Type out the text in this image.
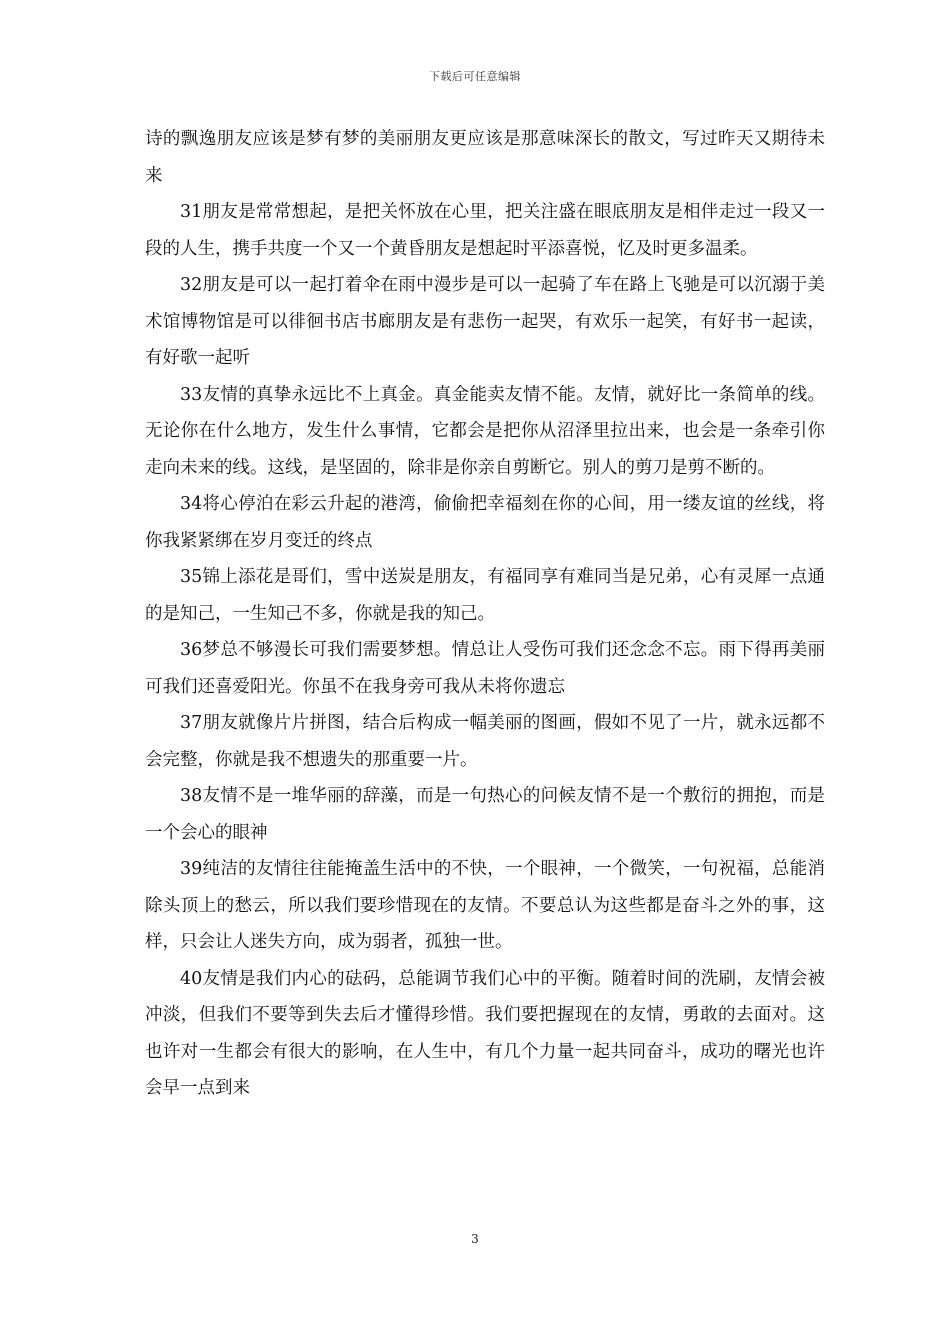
下载后可任意编辑

诗的飘逸朋友应该是梦有梦的美丽朋友更应该是那意味深长的散文，写过昨天又期待未来

31朋友是常常想起，是把关怀放在心里，把关注盛在眼底朋友是相伴走过一段又一段的人生，携手共度一个又一个黄昏朋友是想起时平添喜悦，忆及时更多温柔。

32朋友是可以一起打着伞在雨中漫步是可以一起骑了车在路上飞驰是可以沉溺于美术馆博物馆是可以徘徊书店书廊朋友是有悲伤一起哭，有欢乐一起笑，有好书一起读，有好歌一起听

33友情的真挚永远比不上真金。真金能卖友情不能。友情，就好比一条简单的线。无论你在什么地方，发生什么事情，它都会是把你从沼泽里拉出来，也会是一条牵引你走向未来的线。这线，是坚固的，除非是你亲自剪断它。别人的剪刀是剪不断的。

34将心停泊在彩云升起的港湾，偷偷把幸福刻在你的心间，用一缕友谊的丝线，将你我紧紧绑在岁月变迁的终点

35锦上添花是哥们，雪中送炭是朋友，有福同享有难同当是兄弟，心有灵犀一点通的是知己，一生知己不多，你就是我的知己。

36梦总不够漫长可我们需要梦想。情总让人受伤可我们还念念不忘。雨下得再美丽可我们还喜爱阳光。你虽不在我身旁可我从未将你遗忘

37朋友就像片片拼图，结合后构成一幅美丽的图画，假如不见了一片，就永远都不会完整，你就是我不想遗失的那重要一片。

38友情不是一堆华丽的辞藻，而是一句热心的问候友情不是一个敷衍的拥抱，而是一个会心的眼神

39纯洁的友情往往能掩盖生活中的不快，一个眼神，一个微笑，一句祝福，总能消除头顶上的愁云，所以我们要珍惜现在的友情。不要总认为这些都是奋斗之外的事，这样，只会让人迷失方向，成为弱者，孤独一世。

40友情是我们内心的砝码，总能调节我们心中的平衡。随着时间的洗刷，友情会被冲淡，但我们不要等到失去后才懂得珍惜。我们要把握现在的友情，勇敢的去面对。这也许对一生都会有很大的影响，在人生中，有几个力量一起共同奋斗，成功的曙光也许会早一点到来

3
